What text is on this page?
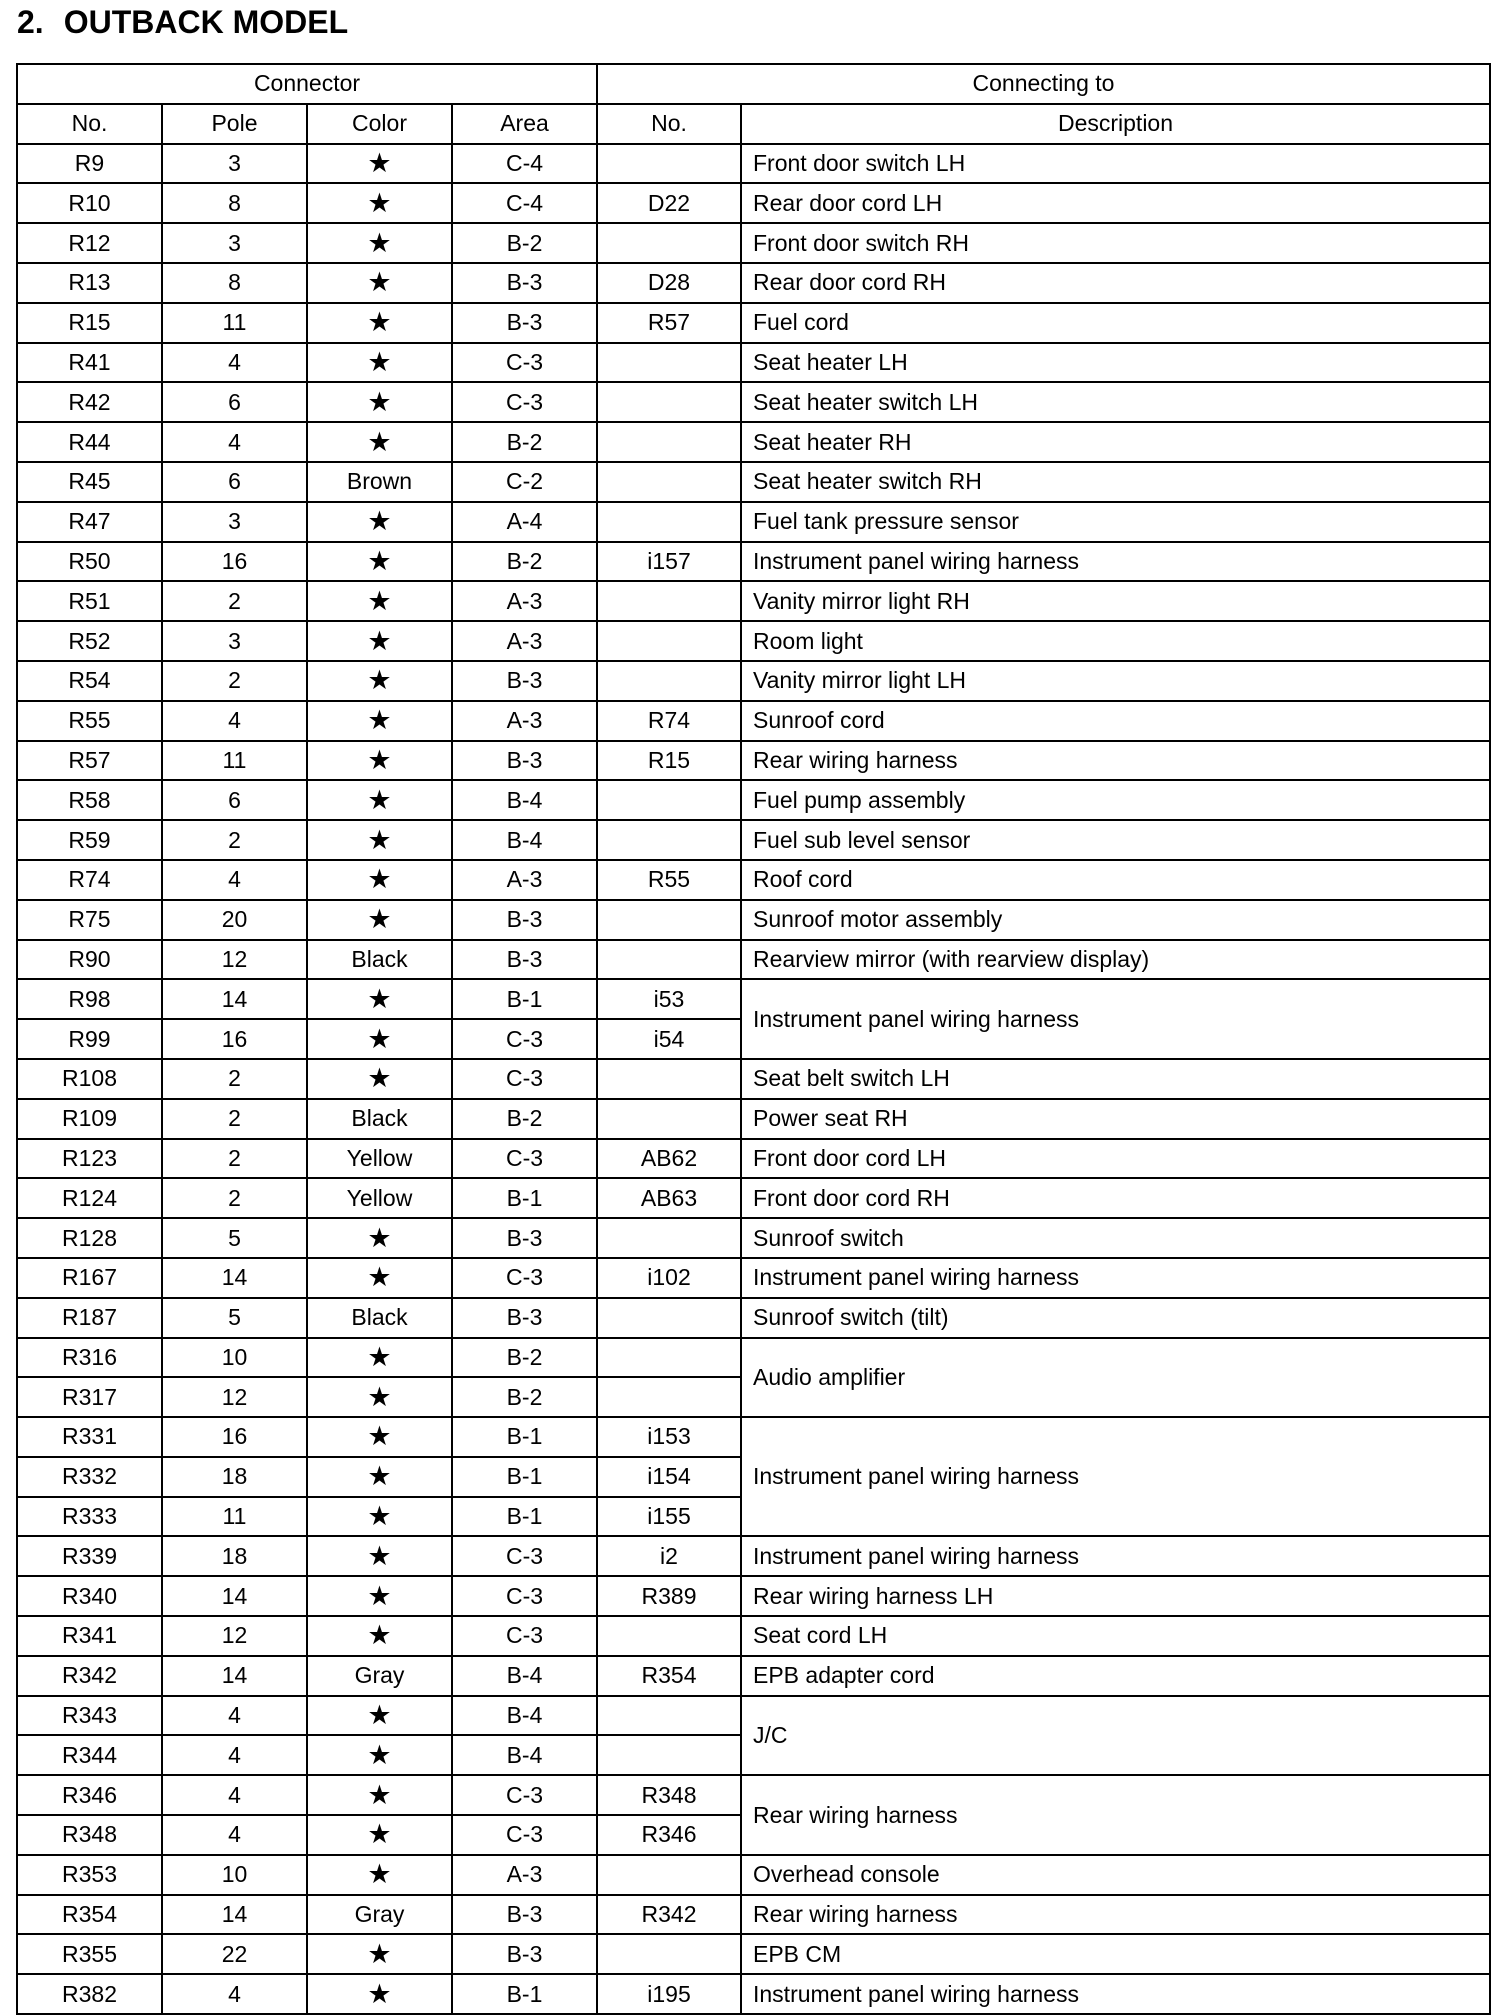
2. OUTBACK MODEL
Connector				Connecting to	
No.	Pole	Color	Area	No.	Description
R9	3	★	C-4		Front door switch LH
R10	8	★	C-4	D22	Rear door cord LH
R12	3	★	B-2		Front door switch RH
R13	8	★	B-3	D28	Rear door cord RH
R15	11	★	B-3	R57	Fuel cord
R41	4	★	C-3		Seat heater LH
R42	6	★	C-3		Seat heater switch LH
R44	4	★	B-2		Seat heater RH
R45	6	Brown	C-2		Seat heater switch RH
R47	3	★	A-4		Fuel tank pressure sensor
R50	16	★	B-2	i157	Instrument panel wiring harness
R51	2	★	A-3		Vanity mirror light RH
R52	3	★	A-3		Room light
R54	2	★	B-3		Vanity mirror light LH
R55	4	★	A-3	R74	Sunroof cord
R57	11	★	B-3	R15	Rear wiring harness
R58	6	★	B-4		Fuel pump assembly
R59	2	★	B-4		Fuel sub level sensor
R74	4	★	A-3	R55	Roof cord
R75	20	★	B-3		Sunroof motor assembly
R90	12	Black	B-3		Rearview mirror (with rearview display)
R98	14	★	B-1	i53	Instrument panel wiring harness
R99	16	★	C-3	i54	
R108	2	★	C-3		Seat belt switch LH
R109	2	Black	B-2		Power seat RH
R123	2	Yellow	C-3	AB62	Front door cord LH
R124	2	Yellow	B-1	AB63	Front door cord RH
R128	5	★	B-3		Sunroof switch
R167	14	★	C-3	i102	Instrument panel wiring harness
R187	5	Black	B-3		Sunroof switch (tilt)
R316	10	★	B-2		Audio amplifier
R317	12	★	B-2		
R331	16	★	B-1	i153	Instrument panel wiring harness
R332	18	★	B-1	i154	
R333	11	★	B-1	i155	
R339	18	★	C-3	i2	Instrument panel wiring harness
R340	14	★	C-3	R389	Rear wiring harness LH
R341	12	★	C-3		Seat cord LH
R342	14	Gray	B-4	R354	EPB adapter cord
R343	4	★	B-4		J/C
R344	4	★	B-4		
R346	4	★	C-3	R348	Rear wiring harness
R348	4	★	C-3	R346	
R353	10	★	A-3		Overhead console
R354	14	Gray	B-3	R342	Rear wiring harness
R355	22	★	B-3		EPB CM
R382	4	★	B-1	i195	Instrument panel wiring harness
